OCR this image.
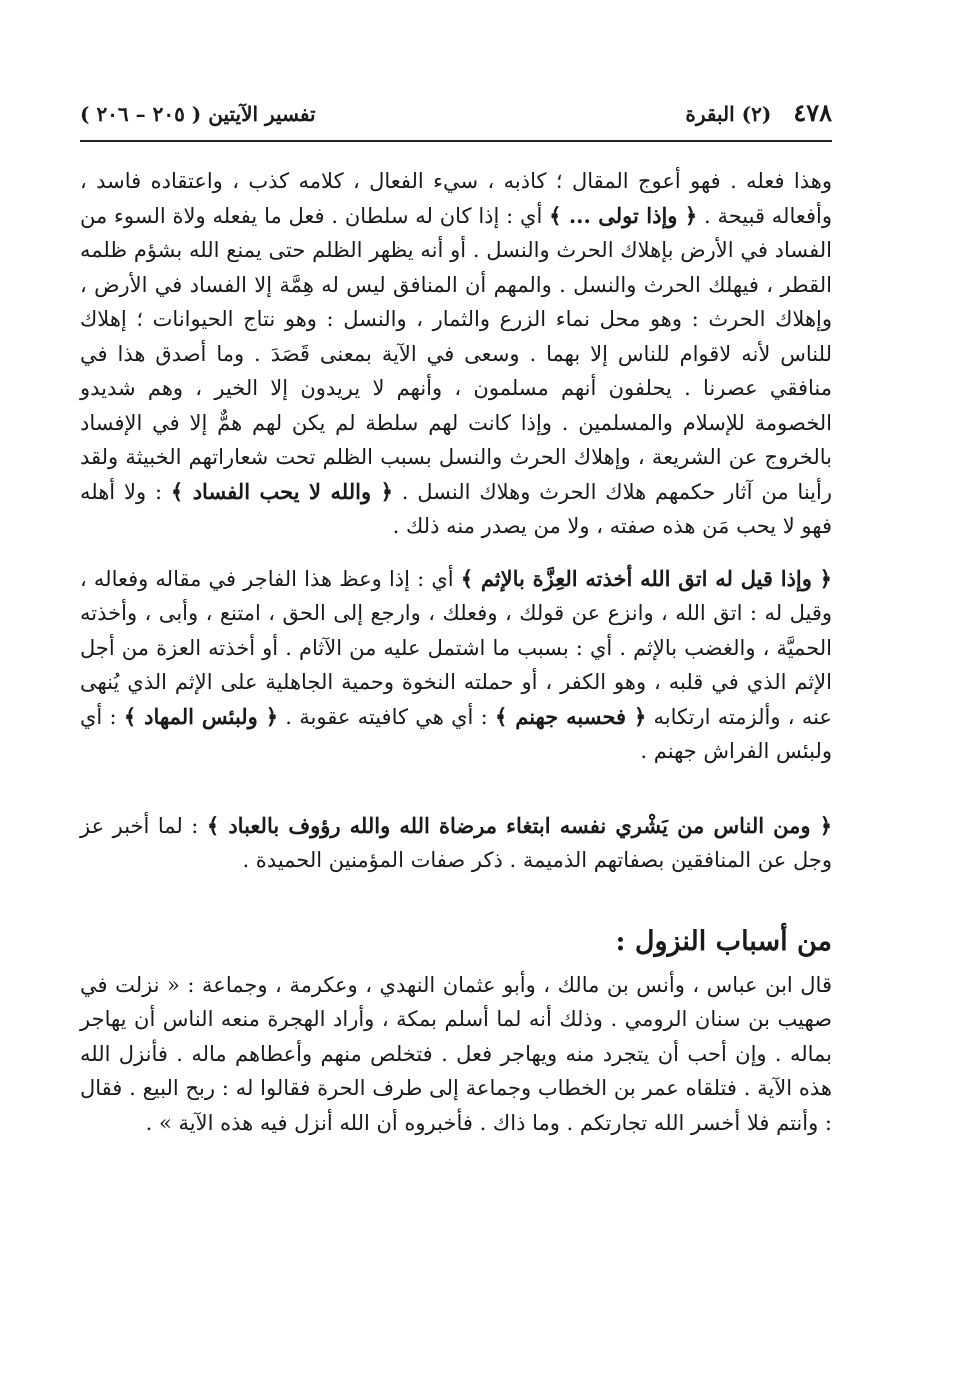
٤٧٨
(٢) البقرة
تفسير الآيتين ( ٢٠٥ – ٢٠٦ )

وهذا فعله . فهو أعوج المقال ؛ كاذبه ، سيء الفعال ، كلامه كذب ، واعتقاده فاسد ، وأفعاله قبيحة . ﴿ وإذا تولى ... ﴾ أي : إذا كان له سلطان . فعل ما يفعله ولاة السوء من الفساد في الأرض بإهلاك الحرث والنسل . أو أنه يظهر الظلم حتى يمنع الله بشؤم ظلمه القطر ، فيهلك الحرث والنسل . والمهم أن المنافق ليس له هِمَّة إلا الفساد في الأرض ، وإهلاك الحرث : وهو محل نماء الزرع والثمار ، والنسل : وهو نتاج الحيوانات ؛ إهلاك للناس لأنه لاقوام للناس إلا بهما . وسعى في الآية بمعنى قَصَدَ . وما أصدق هذا في منافقي عصرنا . يحلفون أنهم مسلمون ، وأنهم لا يريدون إلا الخير ، وهم شديدو الخصومة للإسلام والمسلمين . وإذا كانت لهم سلطة لم يكن لهم همٌّ إلا في الإفساد بالخروج عن الشريعة ، وإهلاك الحرث والنسل بسبب الظلم تحت شعاراتهم الخبيثة ولقد رأينا من آثار حكمهم هلاك الحرث وهلاك النسل . ﴿ والله لا يحب الفساد ﴾ : ولا أهله فهو لا يحب مَن هذه صفته ، ولا من يصدر منه ذلك .

﴿ وإذا قيل له اتق الله أخذته العِزَّة بالإثم ﴾ أي : إذا وعظ هذا الفاجر في مقاله وفعاله ، وقيل له : اتق الله ، وانزع عن قولك ، وفعلك ، وارجع إلى الحق ، امتنع ، وأبى ، وأخذته الحميَّة ، والغضب بالإثم . أي : بسبب ما اشتمل عليه من الآثام . أو أخذته العزة من أجل الإثم الذي في قلبه ، وهو الكفر ، أو حملته النخوة وحمية الجاهلية على الإثم الذي يُنهى عنه ، وألزمته ارتكابه ﴿ فحسبه جهنم ﴾ : أي هي كافيته عقوبة . ﴿ ولبئس المهاد ﴾ : أي ولبئس الفراش جهنم .

﴿ ومن الناس من يَشْري نفسه ابتغاء مرضاة الله والله رؤوف بالعباد ﴾ : لما أخبر عز وجل عن المنافقين بصفاتهم الذميمة . ذكر صفات المؤمنين الحميدة .

من أسباب النزول :

قال ابن عباس ، وأنس بن مالك ، وأبو عثمان النهدي ، وعكرمة ، وجماعة : « نزلت في صهيب بن سنان الرومي . وذلك أنه لما أسلم بمكة ، وأراد الهجرة منعه الناس أن يهاجر بماله . وإن أحب أن يتجرد منه ويهاجر فعل . فتخلص منهم وأعطاهم ماله . فأنزل الله هذه الآية . فتلقاه عمر بن الخطاب وجماعة إلى طرف الحرة فقالوا له : ربح البيع . فقال : وأنتم فلا أخسر الله تجارتكم . وما ذاك . فأخبروه أن الله أنزل فيه هذه الآية » .
